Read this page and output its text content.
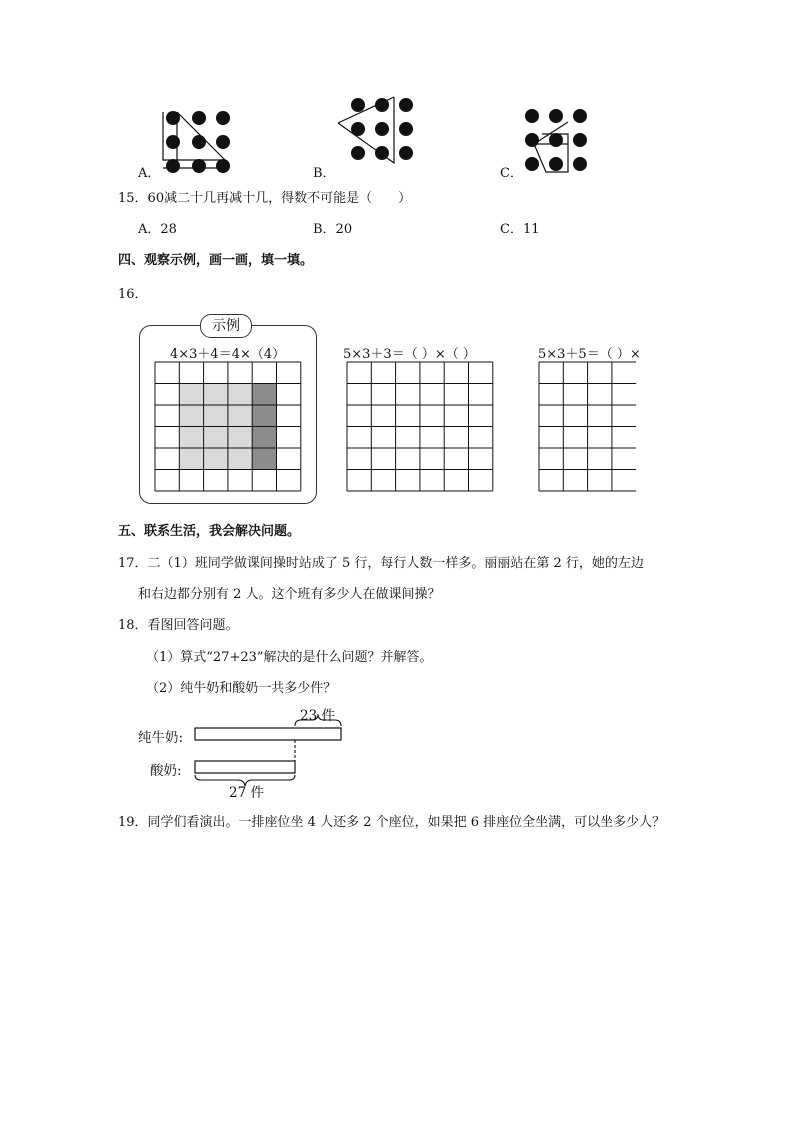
A．	B．	C．
15．60减二十几再减十几，得数不可能是（　　）
A．28	B．20	C．11
四、观察示例，画一画，填一填。
16．
示例
4×3＋4＝4×（4）	5×3＋3＝（ ）×（ ）	5×3＋5＝（ ）×
五、联系生活，我会解决问题。
17．二（1）班同学做课间操时站成了 5 行，每行人数一样多。丽丽站在第 2 行，她的左边
和右边都分别有 2 人。这个班有多少人在做课间操？
18．看图回答问题。
（1）算式“27+23”解决的是什么问题？并解答。
（2）纯牛奶和酸奶一共多少件？
纯牛奶:
酸奶:
23 件
27 件
19．同学们看演出。一排座位坐 4 人还多 2 个座位，如果把 6 排座位全坐满，可以坐多少人？
